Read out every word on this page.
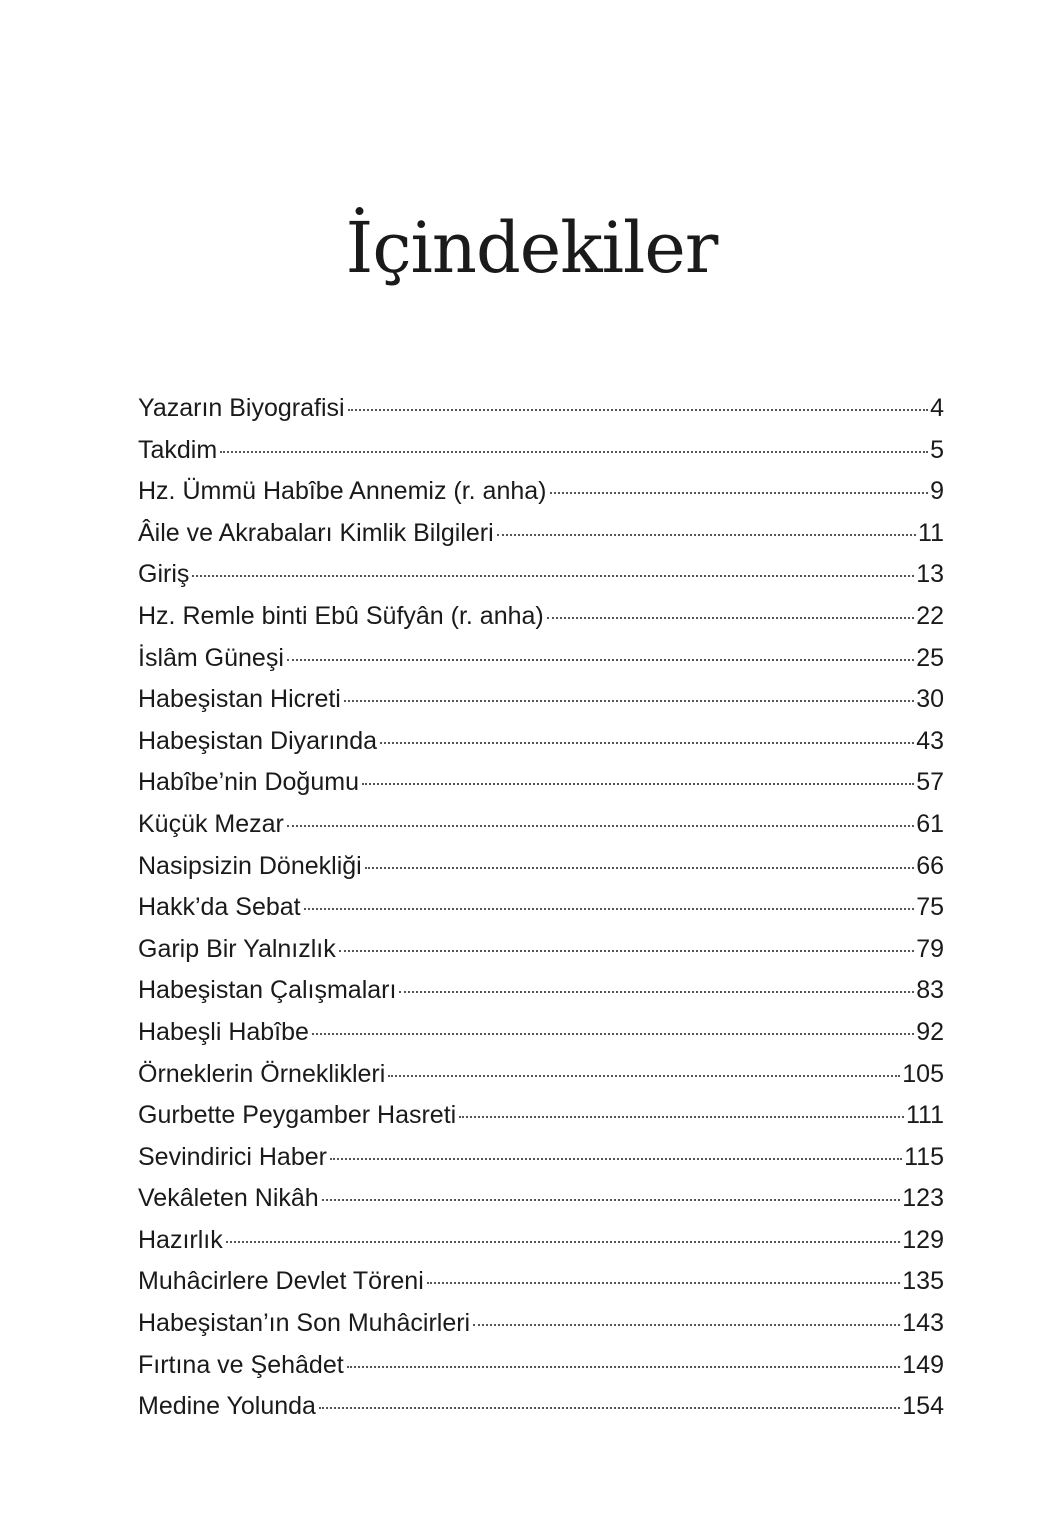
İçindekiler
Yazarın Biyografisi	4
Takdim	5
Hz. Ümmü Habîbe Annemiz (r. anha)	9
Âile ve Akrabaları Kimlik Bilgileri	11
Giriş	13
Hz. Remle binti Ebû Süfyân (r. anha)	22
İslâm Güneşi	25
Habeşistan Hicreti	30
Habeşistan Diyarında	43
Habîbe’nin Doğumu	57
Küçük Mezar	61
Nasipsizin Dönekliği	66
Hakk’da Sebat	75
Garip Bir Yalnızlık	79
Habeşistan Çalışmaları	83
Habeşli Habîbe	92
Örneklerin Örneklikleri	105
Gurbette Peygamber Hasreti	111
Sevindirici Haber	115
Vekâleten Nikâh	123
Hazırlık	129
Muhâcirlere Devlet Töreni	135
Habeşistan’ın Son Muhâcirleri	143
Fırtına ve Şehâdet	149
Medine Yolunda	154
